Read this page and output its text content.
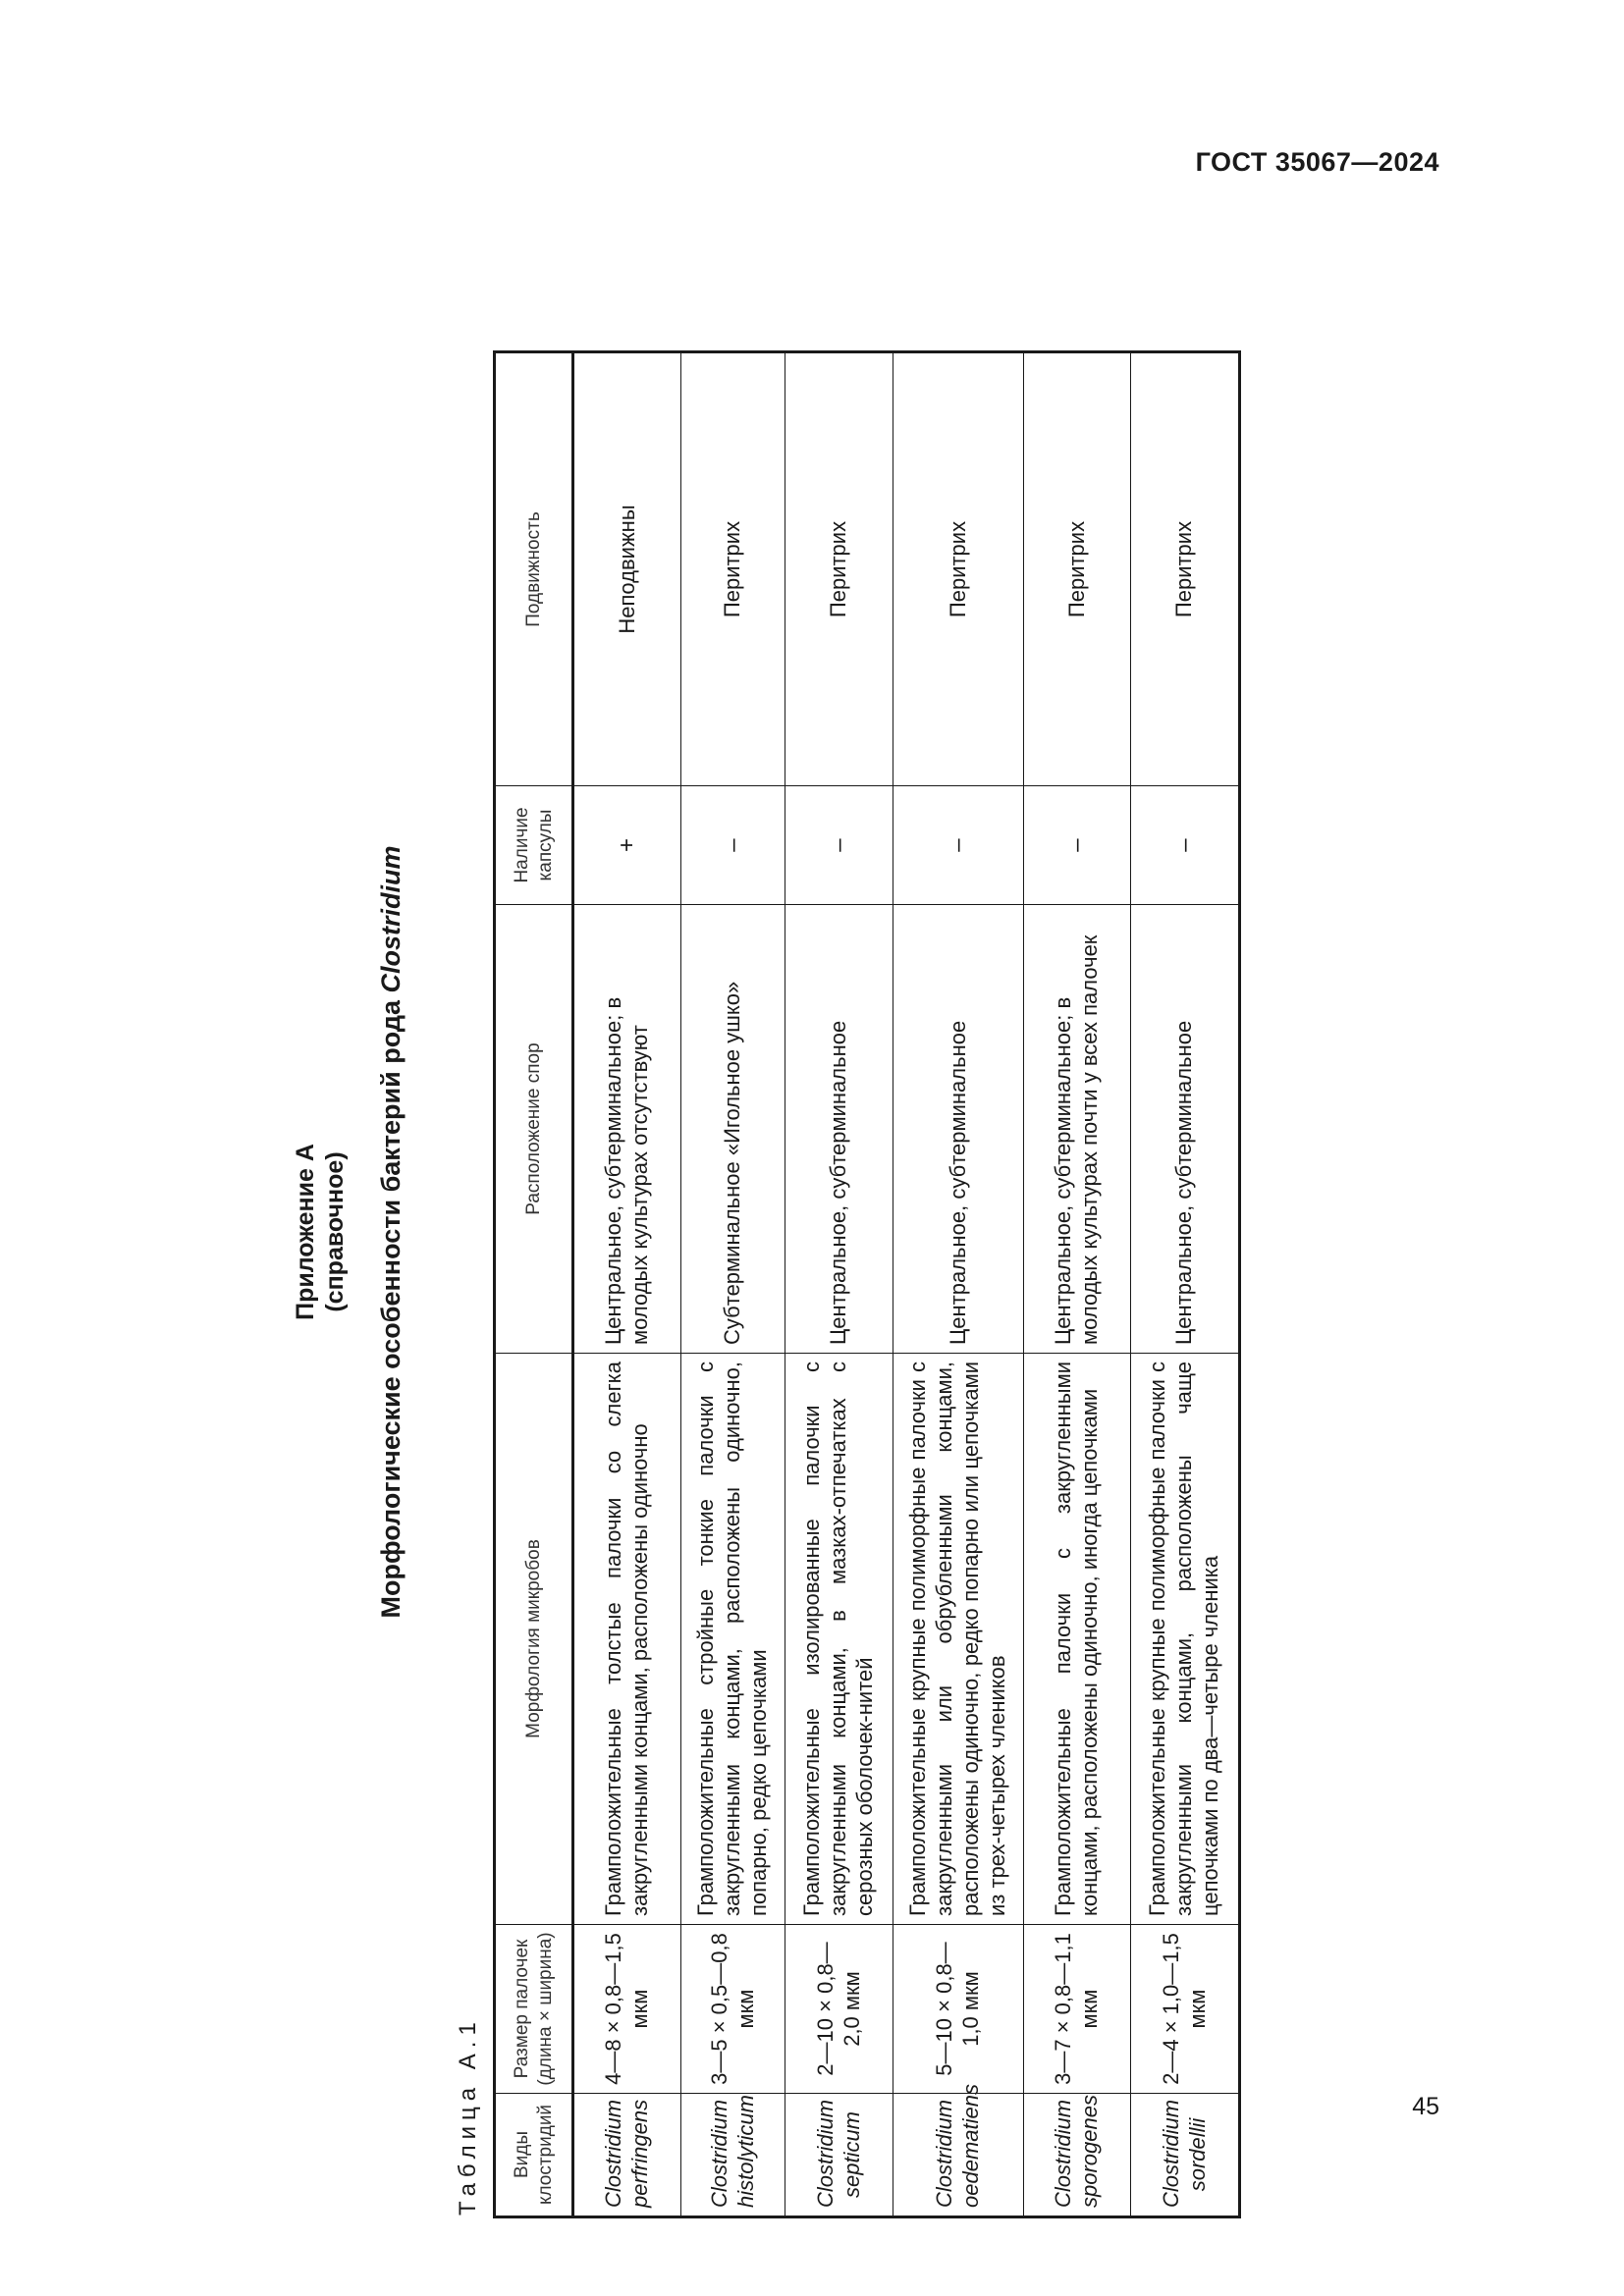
ГОСТ 35067—2024
Приложение А (справочное) Морфологические особенности бактерий рода Clostridium
Таблица А.1 Виды клостридий	Размер палочек (длина × ширина)	Морфология микробов	Расположение спор	Наличие капсулы	Подвижность
Clostridium perfringens	4—8 × 0,8—1,5 мкм	Грамположительные толстые палочки со слегка закругленными концами, расположены одиночно	Центральное, субтерминальное; в молодых культурах отсутствуют	+	Неподвижны
Clostridium histolyticum	3—5 × 0,5—0,8 мкм	Грамположительные стройные тонкие палочки с закругленными концами, расположены одиночно, попарно, редко цепочками	Субтерминальное «Игольное ушко»	–	Перитрих
Clostridium septicum	2—10 × 0,8—2,0 мкм	Грамположительные изолированные палочки с закругленными концами, в мазках-отпечатках с серозных оболочек-нитей	Центральное, субтерминальное	–	Перитрих
Clostridium oedematiens	5—10 × 0,8—1,0 мкм	Грамположительные крупные полиморфные палочки с закругленными или обрубленными концами, расположены одиночно, редко попарно или цепочками из трех-четырех члеников	Центральное, субтерминальное	–	Перитрих
Clostridium sporogenes	3—7 × 0,8—1,1 мкм	Грамположительные палочки с закругленными концами, расположены одиночно, иногда цепочками	Центральное, субтерминальное; в молодых культурах почти у всех палочек	–	Перитрих
Clostridium sordellii	2—4 × 1,0—1,5 мкм	Грамположительные крупные полиморфные палочки с закругленными концами, расположены чаще цепочками по два—четыре членика	Центральное, субтерминальное	–	Перитрих
45
